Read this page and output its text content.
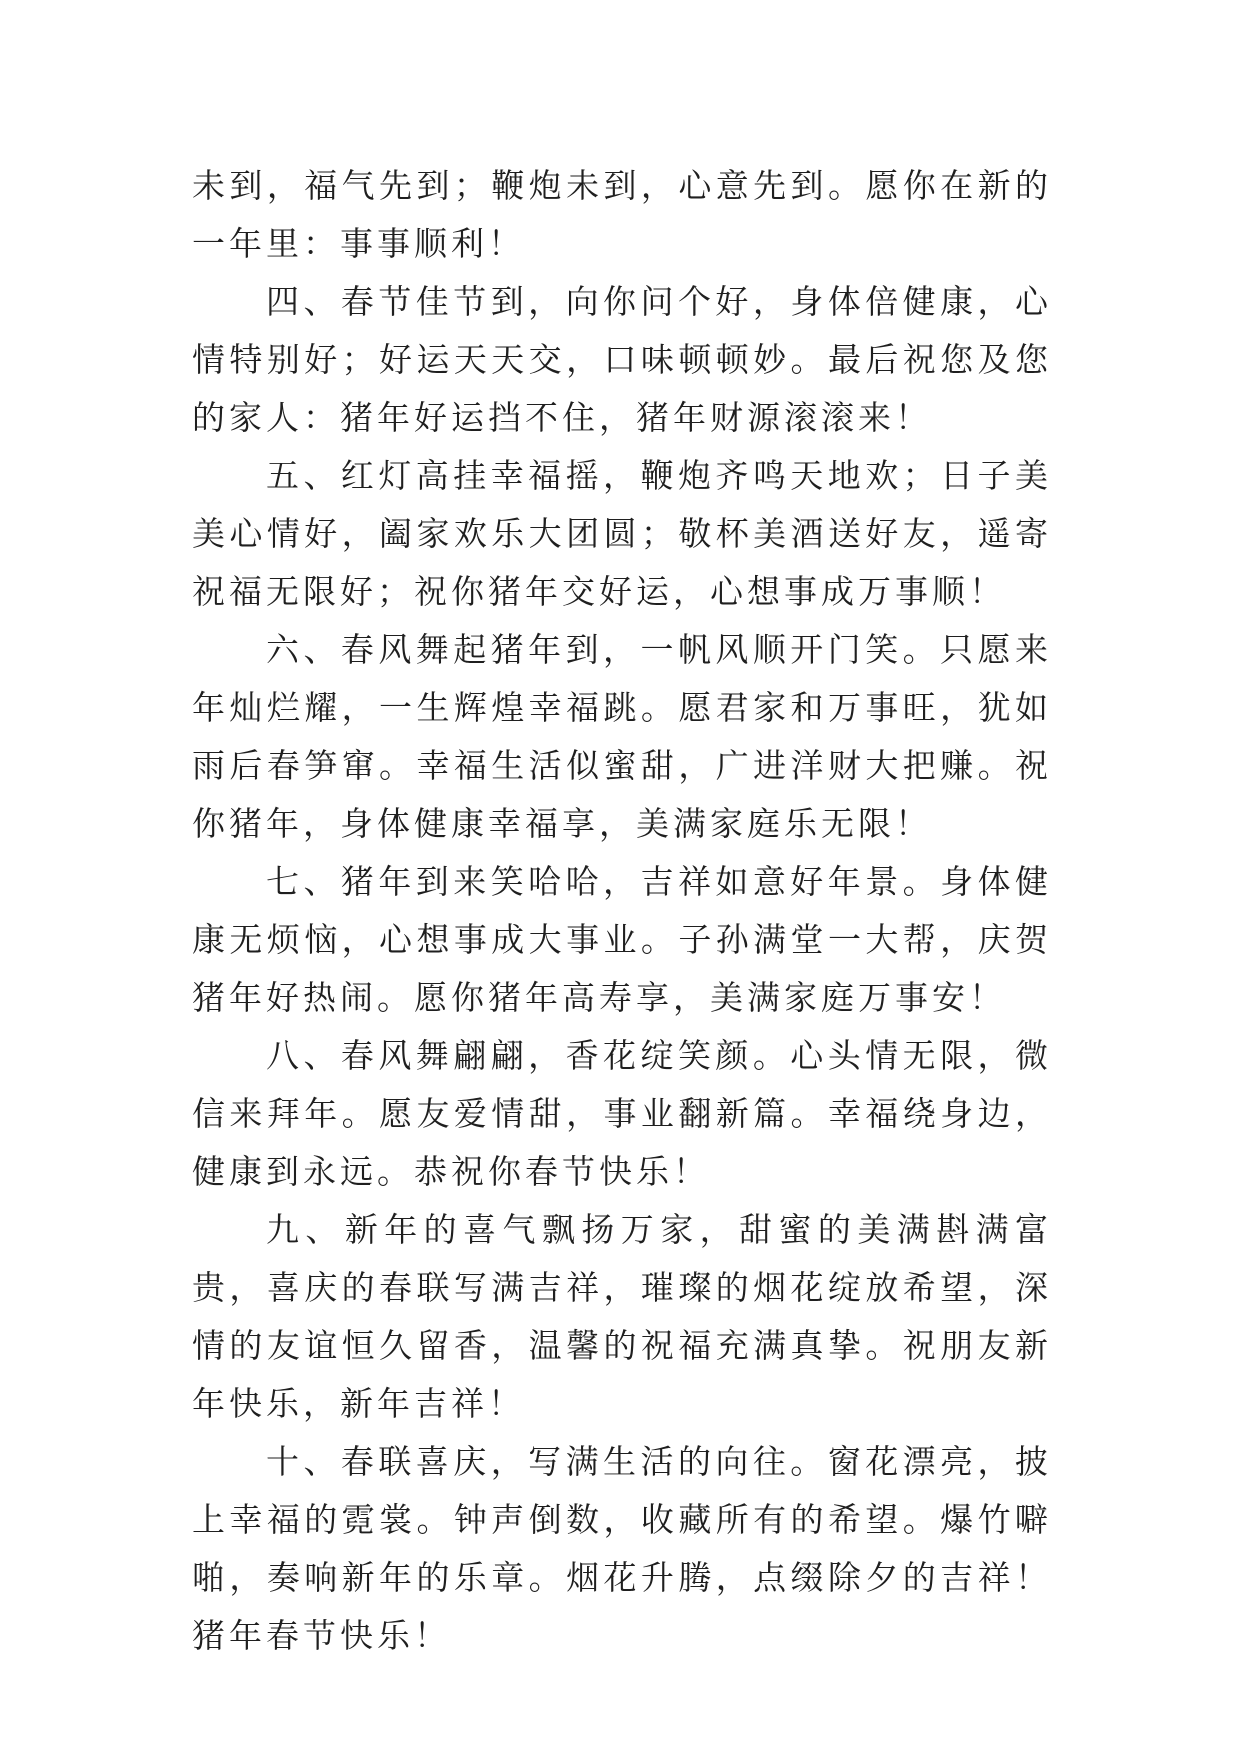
未到，福气先到；鞭炮未到，心意先到。愿你在新的一年里：事事顺利！

四、春节佳节到，向你问个好，身体倍健康，心情特别好；好运天天交，口味顿顿妙。最后祝您及您的家人：猪年好运挡不住，猪年财源滚滚来！

五、红灯高挂幸福摇，鞭炮齐鸣天地欢；日子美美心情好，阖家欢乐大团圆；敬杯美酒送好友，遥寄祝福无限好；祝你猪年交好运，心想事成万事顺！

六、春风舞起猪年到，一帆风顺开门笑。只愿来年灿烂耀，一生辉煌幸福跳。愿君家和万事旺，犹如雨后春笋窜。幸福生活似蜜甜，广进洋财大把赚。祝你猪年，身体健康幸福享，美满家庭乐无限！

七、猪年到来笑哈哈，吉祥如意好年景。身体健康无烦恼，心想事成大事业。子孙满堂一大帮，庆贺猪年好热闹。愿你猪年高寿享，美满家庭万事安！

八、春风舞翩翩，香花绽笑颜。心头情无限，微信来拜年。愿友爱情甜，事业翻新篇。幸福绕身边，健康到永远。恭祝你春节快乐！

九、新年的喜气飘扬万家，甜蜜的美满斟满富贵，喜庆的春联写满吉祥，璀璨的烟花绽放希望，深情的友谊恒久留香，温馨的祝福充满真挚。祝朋友新年快乐，新年吉祥！

十、春联喜庆，写满生活的向往。窗花漂亮，披上幸福的霓裳。钟声倒数，收藏所有的希望。爆竹噼啪，奏响新年的乐章。烟花升腾，点缀除夕的吉祥！猪年春节快乐！
